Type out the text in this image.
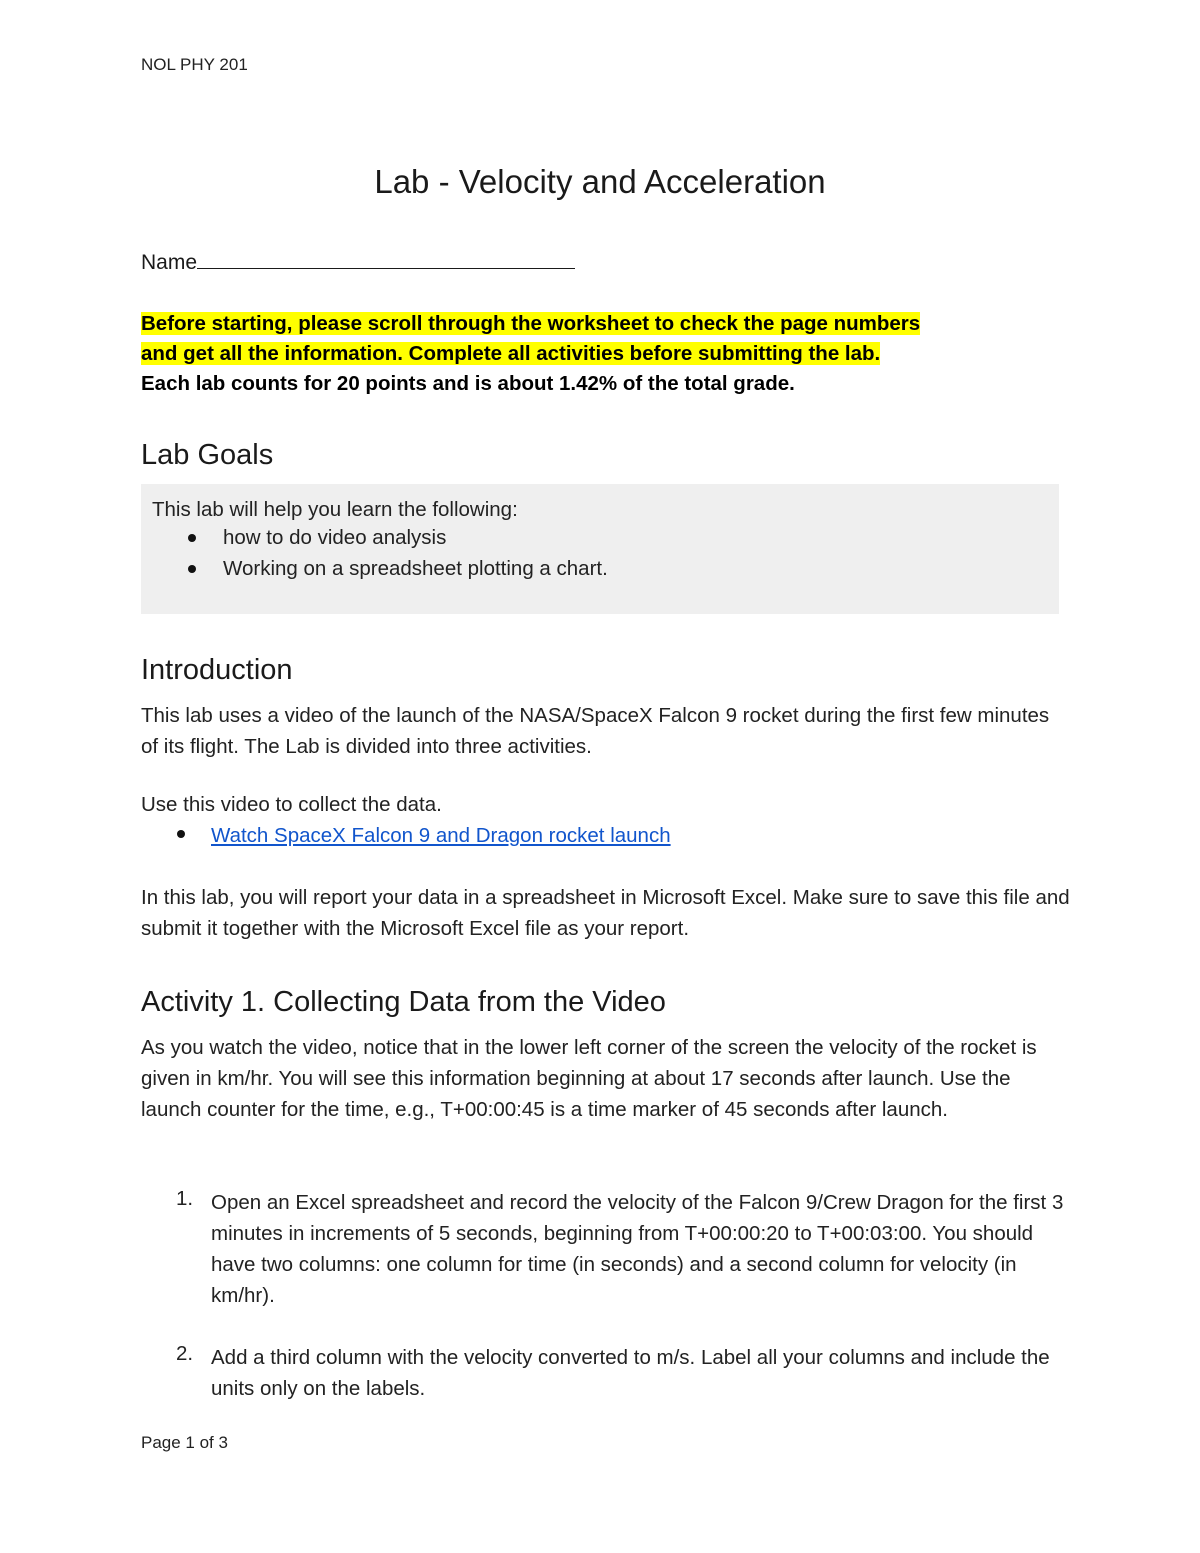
NOL PHY 201
Lab - Velocity and Acceleration
Name
Before starting, please scroll through the worksheet to check the page numbers
and get all the information. Complete all activities before submitting the lab.
Each lab counts for 20 points and is about 1.42% of the total grade.
Lab Goals
This lab will help you learn the following:
how to do video analysis
Working on a spreadsheet plotting a chart.
Introduction
This lab uses a video of the launch of the NASA/SpaceX Falcon 9 rocket during the first few minutes of its flight. The Lab is divided into three activities.
Use this video to collect the data.
Watch SpaceX Falcon 9 and Dragon rocket launch
In this lab, you will report your data in a spreadsheet in Microsoft Excel. Make sure to save this file and submit it together with the Microsoft Excel file as your report.
Activity 1. Collecting Data from the Video
As you watch the video, notice that in the lower left corner of the screen the velocity of the rocket is given in km/hr. You will see this information beginning at about 17 seconds after launch. Use the launch counter for the time, e.g., T+00:00:45 is a time marker of 45 seconds after launch.
1. Open an Excel spreadsheet and record the velocity of the Falcon 9/Crew Dragon for the first 3 minutes in increments of 5 seconds, beginning from T+00:00:20 to T+00:03:00. You should have two columns: one column for time (in seconds) and a second column for velocity (in km/hr).
2. Add a third column with the velocity converted to m/s. Label all your columns and include the units only on the labels.
Page 1 of 3
